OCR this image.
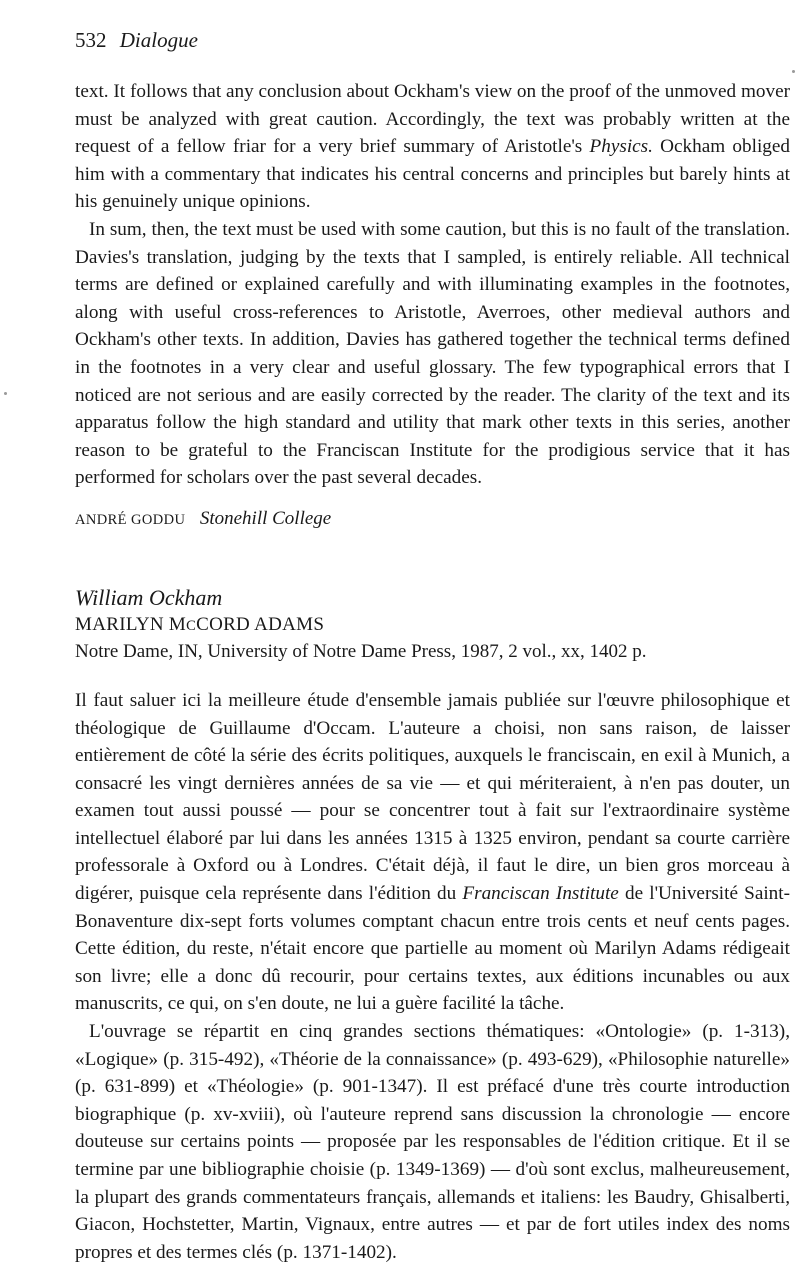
532 Dialogue

text. It follows that any conclusion about Ockham's view on the proof of the unmoved mover must be analyzed with great caution. Accordingly, the text was probably written at the request of a fellow friar for a very brief summary of Aristotle's Physics. Ockham obliged him with a commentary that indicates his central concerns and principles but barely hints at his genuinely unique opinions.

In sum, then, the text must be used with some caution, but this is no fault of the translation. Davies's translation, judging by the texts that I sampled, is entirely reliable. All technical terms are defined or explained carefully and with illuminating examples in the footnotes, along with useful cross-references to Aristotle, Averroes, other medieval authors and Ockham's other texts. In addition, Davies has gathered together the technical terms defined in the footnotes in a very clear and useful glossary. The few typographical errors that I noticed are not serious and are easily corrected by the reader. The clarity of the text and its apparatus follow the high standard and utility that mark other texts in this series, another reason to be grateful to the Franciscan Institute for the prodigious service that it has performed for scholars over the past several decades.

ANDRÉ GODDU Stonehill College
William Ockham
MARILYN MCCORD ADAMS
Notre Dame, IN, University of Notre Dame Press, 1987, 2 vol., xx, 1402 p.

Il faut saluer ici la meilleure étude d'ensemble jamais publiée sur l'œuvre philosophique et théologique de Guillaume d'Occam. L'auteure a choisi, non sans raison, de laisser entièrement de côté la série des écrits politiques, auxquels le franciscain, en exil à Munich, a consacré les vingt dernières années de sa vie — et qui mériteraient, à n'en pas douter, un examen tout aussi poussé — pour se concentrer tout à fait sur l'extraordinaire système intellectuel élaboré par lui dans les années 1315 à 1325 environ, pendant sa courte carrière professorale à Oxford ou à Londres. C'était déjà, il faut le dire, un bien gros morceau à digérer, puisque cela représente dans l'édition du Franciscan Institute de l'Université Saint-Bonaventure dix-sept forts volumes comptant chacun entre trois cents et neuf cents pages. Cette édition, du reste, n'était encore que partielle au moment où Marilyn Adams rédigeait son livre; elle a donc dû recourir, pour certains textes, aux éditions incunables ou aux manuscrits, ce qui, on s'en doute, ne lui a guère facilité la tâche.

L'ouvrage se répartit en cinq grandes sections thématiques: «Ontologie» (p. 1-313), «Logique» (p. 315-492), «Théorie de la connaissance» (p. 493-629), «Philosophie naturelle» (p. 631-899) et «Théologie» (p. 901-1347). Il est préfacé d'une très courte introduction biographique (p. xv-xviii), où l'auteure reprend sans discussion la chronologie — encore douteuse sur certains points — proposée par les responsables de l'édition critique. Et il se termine par une bibliographie choisie (p. 1349-1369) — d'où sont exclus, malheureusement, la plupart des grands commentateurs français, allemands et italiens: les Baudry, Ghisalberti, Giacon, Hochstetter, Martin, Vignaux, entre autres — et par de fort utiles index des noms propres et des termes clés (p. 1371-1402).
